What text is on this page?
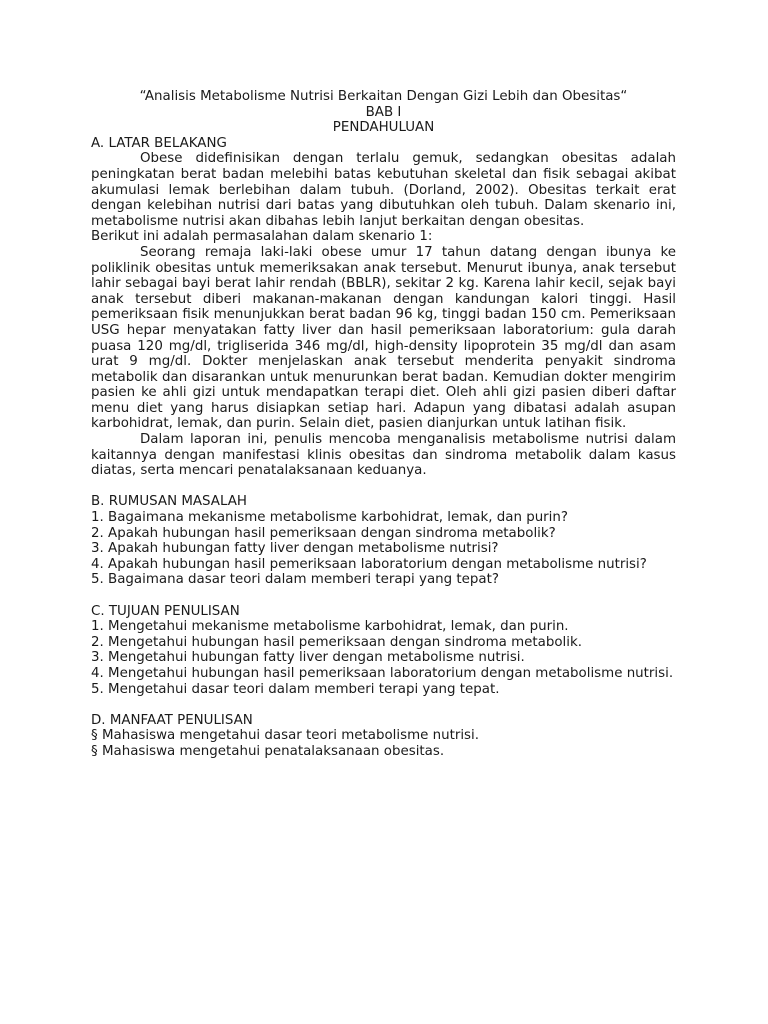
“Analisis Metabolisme Nutrisi Berkaitan Dengan Gizi Lebih dan Obesitas“
BAB I
PENDAHULUAN
A. LATAR BELAKANG

Obese didefinisikan dengan terlalu gemuk, sedangkan obesitas adalah peningkatan berat badan melebihi batas kebutuhan skeletal dan fisik sebagai akibat akumulasi lemak berlebihan dalam tubuh. (Dorland, 2002). Obesitas terkait erat dengan kelebihan nutrisi dari batas yang dibutuhkan oleh tubuh. Dalam skenario ini, metabolisme nutrisi akan dibahas lebih lanjut berkaitan dengan obesitas.

Berikut ini adalah permasalahan dalam skenario 1:

Seorang remaja laki-laki obese umur 17 tahun datang dengan ibunya ke poliklinik obesitas untuk memeriksakan anak tersebut. Menurut ibunya, anak tersebut lahir sebagai bayi berat lahir rendah (BBLR), sekitar 2 kg. Karena lahir kecil, sejak bayi anak tersebut diberi makanan-makanan dengan kandungan kalori tinggi. Hasil pemeriksaan fisik menunjukkan berat badan 96 kg, tinggi badan 150 cm. Pemeriksaan USG hepar menyatakan fatty liver dan hasil pemeriksaan laboratorium: gula darah puasa 120 mg/dl, trigliserida 346 mg/dl, high-density lipoprotein 35 mg/dl dan asam urat 9 mg/dl. Dokter menjelaskan anak tersebut menderita penyakit sindroma metabolik dan disarankan untuk menurunkan berat badan. Kemudian dokter mengirim pasien ke ahli gizi untuk mendapatkan terapi diet. Oleh ahli gizi pasien diberi daftar menu diet yang harus disiapkan setiap hari. Adapun yang dibatasi adalah asupan karbohidrat, lemak, dan purin. Selain diet, pasien dianjurkan untuk latihan fisik.

Dalam laporan ini, penulis mencoba menganalisis metabolisme nutrisi dalam kaitannya dengan manifestasi klinis obesitas dan sindroma metabolik dalam kasus diatas, serta mencari penatalaksanaan keduanya.

B. RUMUSAN MASALAH
1. Bagaimana mekanisme metabolisme karbohidrat, lemak, dan purin?
2. Apakah hubungan hasil pemeriksaan dengan sindroma metabolik?
3. Apakah hubungan fatty liver dengan metabolisme nutrisi?
4. Apakah hubungan hasil pemeriksaan laboratorium dengan metabolisme nutrisi?
5. Bagaimana dasar teori dalam memberi terapi yang tepat?
C. TUJUAN PENULISAN
1. Mengetahui mekanisme metabolisme karbohidrat, lemak, dan purin.
2. Mengetahui hubungan hasil pemeriksaan dengan sindroma metabolik.
3. Mengetahui hubungan fatty liver dengan metabolisme nutrisi.
4. Mengetahui hubungan hasil pemeriksaan laboratorium dengan metabolisme nutrisi.
5. Mengetahui dasar teori dalam memberi terapi yang tepat.
D. MANFAAT PENULISAN
§ Mahasiswa mengetahui dasar teori metabolisme nutrisi.
§ Mahasiswa mengetahui penatalaksanaan obesitas.
